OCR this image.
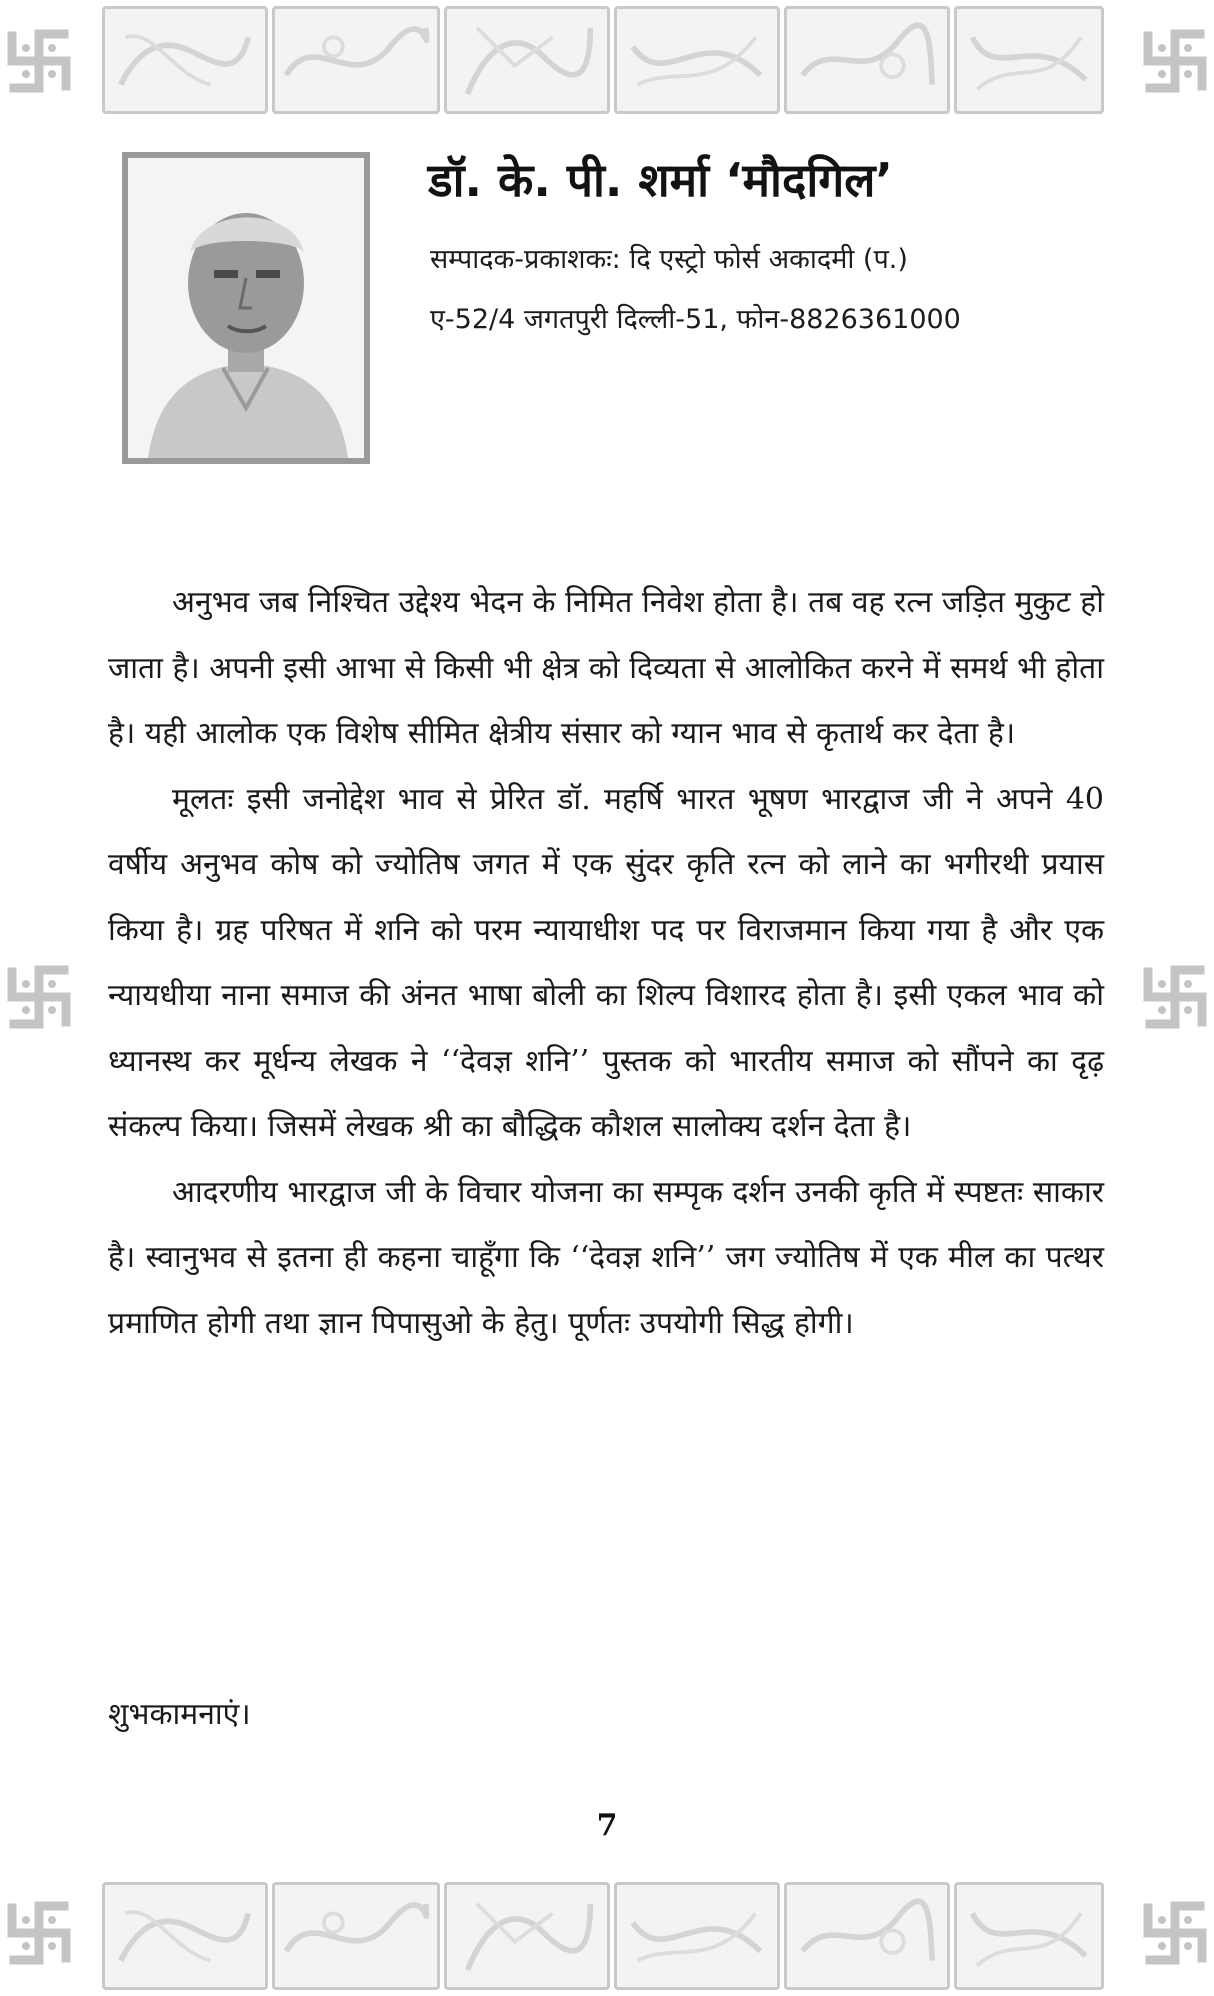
डॉ. के. पी. शर्मा ‘मौदगिल’
सम्पादक-प्रकाशकः: दि एस्ट्रो फोर्स अकादमी (प.)
ए-52/4 जगतपुरी दिल्ली-51, फोन-8826361000

अनुभव जब निश्चित उद्देश्य भेदन के निमित निवेश होता है। तब वह रत्न जड़ित मुकुट हो जाता है। अपनी इसी आभा से किसी भी क्षेत्र को दिव्यता से आलोकित करने में समर्थ भी होता है। यही आलोक एक विशेष सीमित क्षेत्रीय संसार को ग्यान भाव से कृतार्थ कर देता है।

मूलतः इसी जनोद्देश भाव से प्रेरित डॉ. महर्षि भारत भूषण भारद्वाज जी ने अपने 40 वर्षीय अनुभव कोष को ज्योतिष जगत में एक सुंदर कृति रत्न को लाने का भगीरथी प्रयास किया है। ग्रह परिषत में शनि को परम न्यायाधीश पद पर विराजमान किया गया है और एक न्यायधीया नाना समाज की अंनत भाषा बोली का शिल्प विशारद होता है। इसी एकल भाव को ध्यानस्थ कर मूर्धन्य लेखक ने ‘‘देवज्ञ शनि’’ पुस्तक को भारतीय समाज को सौंपने का दृढ़ संकल्प किया। जिसमें लेखक श्री का बौद्धिक कौशल सालोक्य दर्शन देता है।

आदरणीय भारद्वाज जी के विचार योजना का सम्पृक दर्शन उनकी कृति में स्पष्टतः साकार है। स्वानुभव से इतना ही कहना चाहूँगा कि ‘‘देवज्ञ शनि’’ जग ज्योतिष में एक मील का पत्थर प्रमाणित होगी तथा ज्ञान पिपासुओ के हेतु। पूर्णतः उपयोगी सिद्ध होगी।

शुभकामनाएं।
7
